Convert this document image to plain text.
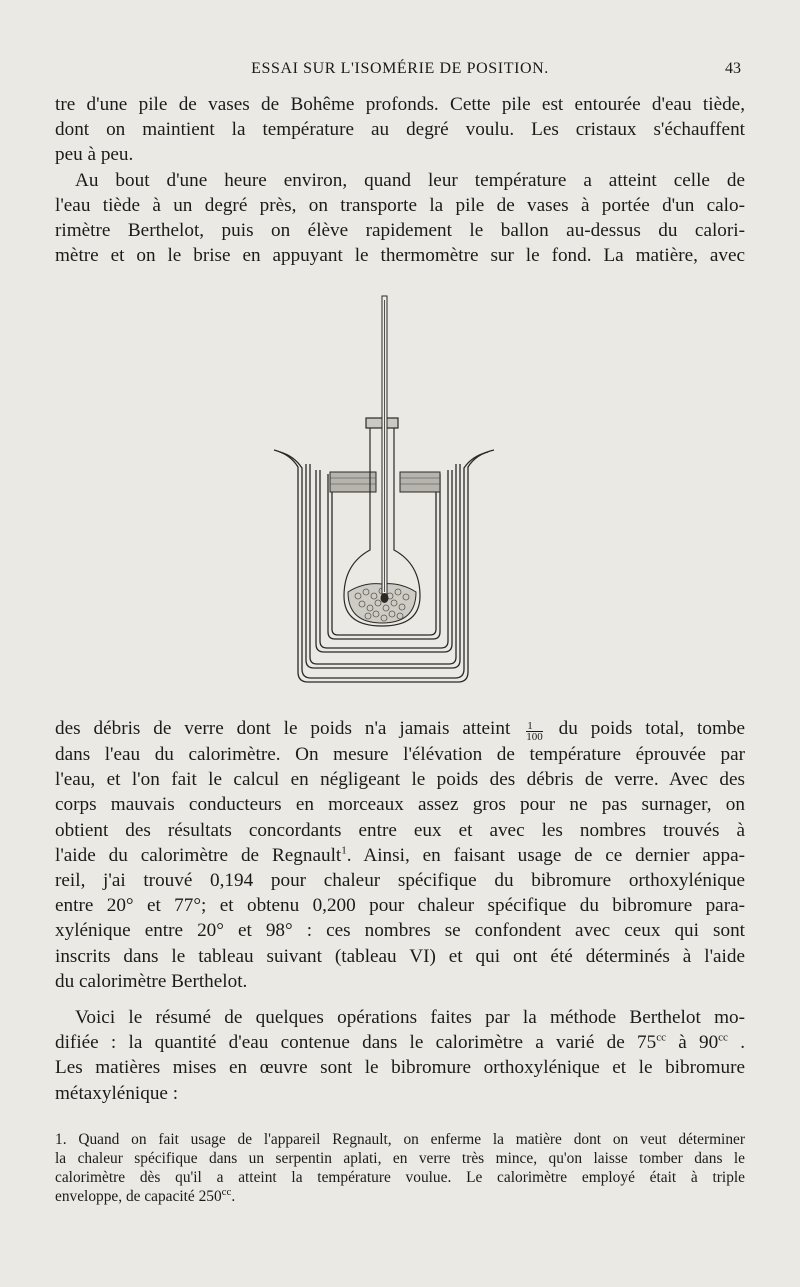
ESSAI SUR L'ISOMÉRIE DE POSITION.	43

tre d'une pile de vases de Bohême profonds. Cette pile est entourée d'eau tiède,

dont on maintient la température au degré voulu. Les cristaux s'échauffent

peu à peu.

Au bout d'une heure environ, quand leur température a atteint celle de

l'eau tiède à un degré près, on transporte la pile de vases à portée d'un calo-

rimètre Berthelot, puis on élève rapidement le ballon au-dessus du calori-

mètre et on le brise en appuyant le thermomètre sur le fond. La matière, avec

des débris de verre dont le poids n'a jamais atteint $\frac{1}{100}$ du poids total, tombe

dans l'eau du calorimètre. On mesure l'élévation de température éprouvée par

l'eau, et l'on fait le calcul en négligeant le poids des débris de verre. Avec des

corps mauvais conducteurs en morceaux assez gros pour ne pas surnager, on

obtient des résultats concordants entre eux et avec les nombres trouvés à

l'aide du calorimètre de Regnault$^1$. Ainsi, en faisant usage de ce dernier appa-

reil, j'ai trouvé 0,194 pour chaleur spécifique du bibromure orthoxylénique

entre 20° et 77°; et obtenu 0,200 pour chaleur spécifique du bibromure para-

xylénique entre 20° et 98° : ces nombres se confondent avec ceux qui sont

inscrits dans le tableau suivant (tableau VI) et qui ont été déterminés à l'aide

du calorimètre Berthelot.

Voici le résumé de quelques opérations faites par la méthode Berthelot mo-

difiée : la quantité d'eau contenue dans le calorimètre a varié de $75^{cc}$ à $90^{cc}$ .

Les matières mises en œuvre sont le bibromure orthoxylénique et le bibromure

métaxylénique :

1. Quand on fait usage de l'appareil Regnault, on enferme la matière dont on veut déterminer

la chaleur spécifique dans un serpentin aplati, en verre très mince, qu'on laisse tomber dans le

calorimètre dès qu'il a atteint la température voulue. Le calorimètre employé était à triple

enveloppe, de capacité $250^{cc}$.
